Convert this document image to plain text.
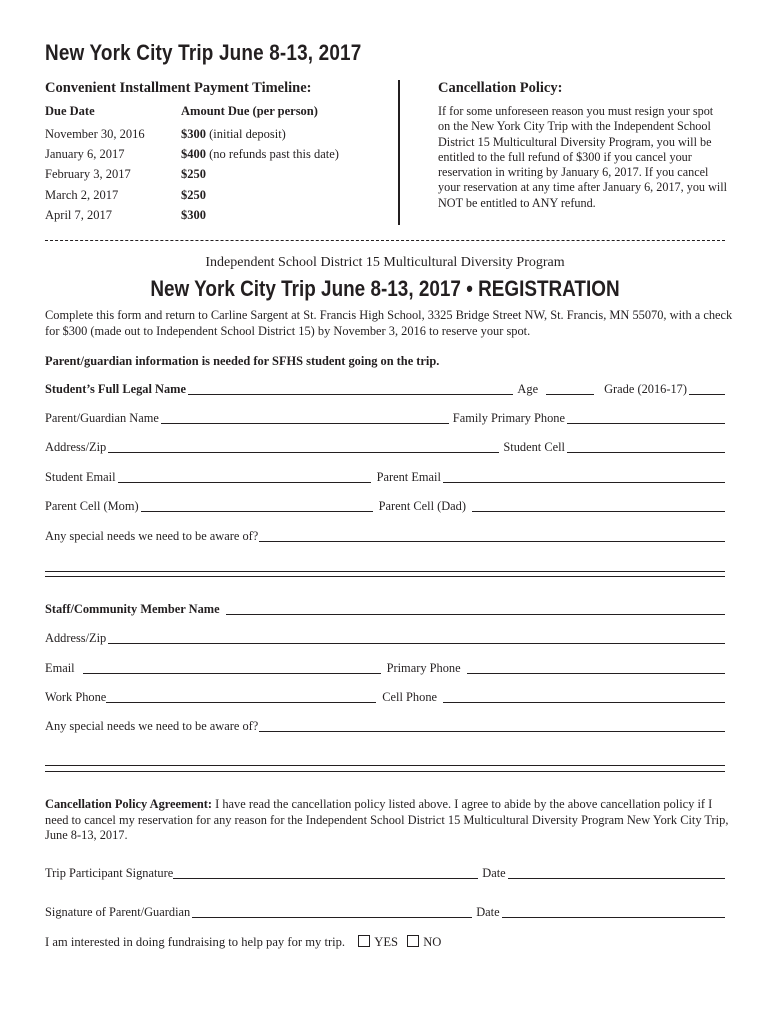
New York City Trip June 8-13, 2017
Convenient Installment Payment Timeline:
Due Date	Amount Due (per person)
November 30, 2016	$300 (initial deposit)
January 6, 2017	$400 (no refunds past this date)
February 3, 2017	$250
March 2, 2017	$250
April 7, 2017	$300
Cancellation Policy:
If for some unforeseen reason you must resign your spot on the New York City Trip with the Independent School District 15 Multicultural Diversity Program, you will be entitled to the full refund of $300 if you cancel your reservation in writing by January 6, 2017. If you cancel your reservation at any time after January 6, 2017, you will NOT be entitled to ANY refund.
Independent School District 15 Multicultural Diversity Program
New York City Trip June 8-13, 2017 • REGISTRATION
Complete this form and return to Carline Sargent at St. Francis High School, 3325 Bridge Street NW, St. Francis, MN 55070, with a check for $300 (made out to Independent School District 15) by November 3, 2016 to reserve your spot.
Parent/guardian information is needed for SFHS student going on the trip.
Student’s Full Legal Name	Age	Grade (2016-17)
Parent/Guardian Name	Family Primary Phone
Address/Zip	Student Cell
Student Email	Parent Email
Parent Cell (Mom)	Parent Cell (Dad)
Any special needs we need to be aware of?
Staff/Community Member Name
Address/Zip
Email	Primary Phone
Work Phone	Cell Phone
Any special needs we need to be aware of?
Cancellation Policy Agreement: I have read the cancellation policy listed above. I agree to abide by the above cancellation policy if I need to cancel my reservation for any reason for the Independent School District 15 Multicultural Diversity Program New York City Trip, June 8-13, 2017.
Trip Participant Signature	Date
Signature of Parent/Guardian	Date
I am interested in doing fundraising to help pay for my trip. YES NO
